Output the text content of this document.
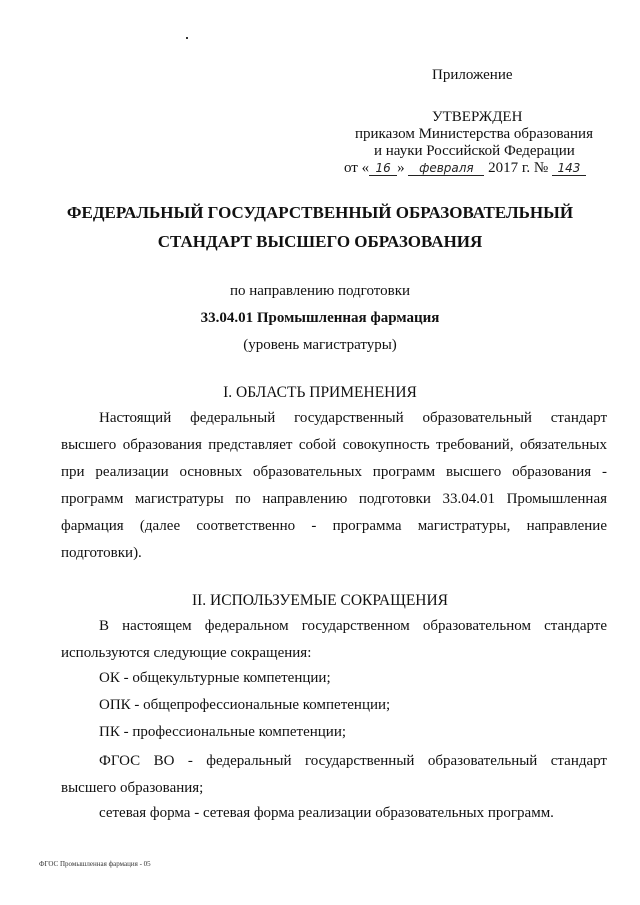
Приложение
УТВЕРЖДЕН
приказом Министерства образования
и науки Российской Федерации
от « 16 » февраля 2017 г. № 143
ФЕДЕРАЛЬНЫЙ ГОСУДАРСТВЕННЫЙ ОБРАЗОВАТЕЛЬНЫЙ
СТАНДАРТ ВЫСШЕГО ОБРАЗОВАНИЯ
по направлению подготовки
33.04.01 Промышленная фармация
(уровень магистратуры)
I. ОБЛАСТЬ ПРИМЕНЕНИЯ
Настоящий федеральный государственный образовательный стандарт
высшего образования представляет собой совокупность требований, обязательных
при реализации основных образовательных программ высшего образования -
программ магистратуры по направлению подготовки 33.04.01 Промышленная
фармация (далее соответственно - программа магистратуры, направление
подготовки).
II. ИСПОЛЬЗУЕМЫЕ СОКРАЩЕНИЯ
В настоящем федеральном государственном образовательном стандарте
используются следующие сокращения:
ОК - общекультурные компетенции;
ОПК - общепрофессиональные компетенции;
ПК - профессиональные компетенции;
ФГОС ВО - федеральный государственный образовательный стандарт
высшего образования;
сетевая форма - сетевая форма реализации образовательных программ.
ФГОС Промышленная фармация - 05
